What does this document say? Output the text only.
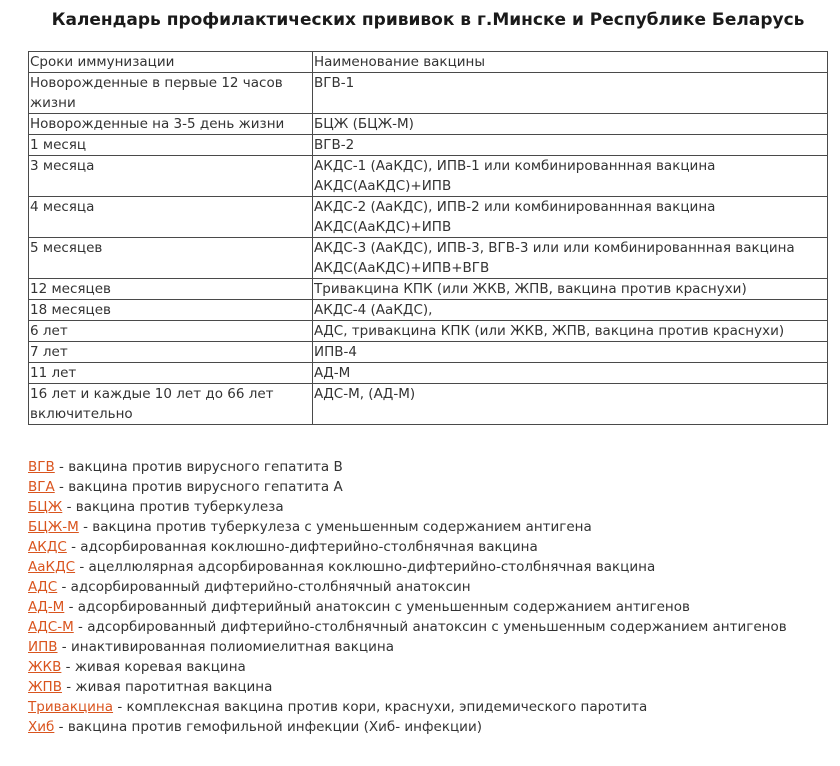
Календарь профилактических прививок в г.Минске и Республике Беларусь
Сроки иммунизации	Наименование вакцины
Новорожденные в первые 12 часов жизни	ВГВ-1
Новорожденные на 3-5 день жизни	БЦЖ (БЦЖ-М)
1 месяц	ВГВ-2
3 месяца	АКДС-1 (АаКДС), ИПВ-1 или комбинированнная вакцина АКДС(АаКДС)+ИПВ
4 месяца	АКДС-2 (АаКДС), ИПВ-2 или комбинированнная вакцина АКДС(АаКДС)+ИПВ
5 месяцев	АКДС-3 (АаКДС), ИПВ-3, ВГВ-3 или или комбинированнная вакцина АКДС(АаКДС)+ИПВ+ВГВ
12 месяцев	Тривакцина КПК (или ЖКВ, ЖПВ, вакцина против краснухи)
18 месяцев	АКДС-4 (АаКДС),
6 лет	АДС, тривакцина КПК (или ЖКВ, ЖПВ, вакцина против краснухи)
7 лет	ИПВ-4
11 лет	АД-М
16 лет и каждые 10 лет до 66 лет включительно	АДС-М, (АД-М)
ВГВ - вакцина против вирусного гепатита В
ВГА - вакцина против вирусного гепатита А
БЦЖ - вакцина против туберкулеза
БЦЖ-М - вакцина против туберкулеза с уменьшенным содержанием антигена
АКДС - адсорбированная коклюшно-дифтерийно-столбнячная вакцина
АаКДС - ацеллюлярная адсорбированная коклюшно-дифтерийно-столбнячная вакцина
АДС - адсорбированный дифтерийно-столбнячный анатоксин
АД-М - адсорбированный дифтерийный анатоксин с уменьшенным содержанием антигенов
АДС-М - адсорбированный дифтерийно-столбнячный анатоксин с уменьшенным содержанием антигенов
ИПВ - инактивированная полиомиелитная вакцина
ЖКВ - живая коревая вакцина
ЖПВ - живая паротитная вакцина
Тривакцина - комплексная вакцина против кори, краснухи, эпидемического паротита
Хиб - вакцина против гемофильной инфекции (Хиб- инфекции)
